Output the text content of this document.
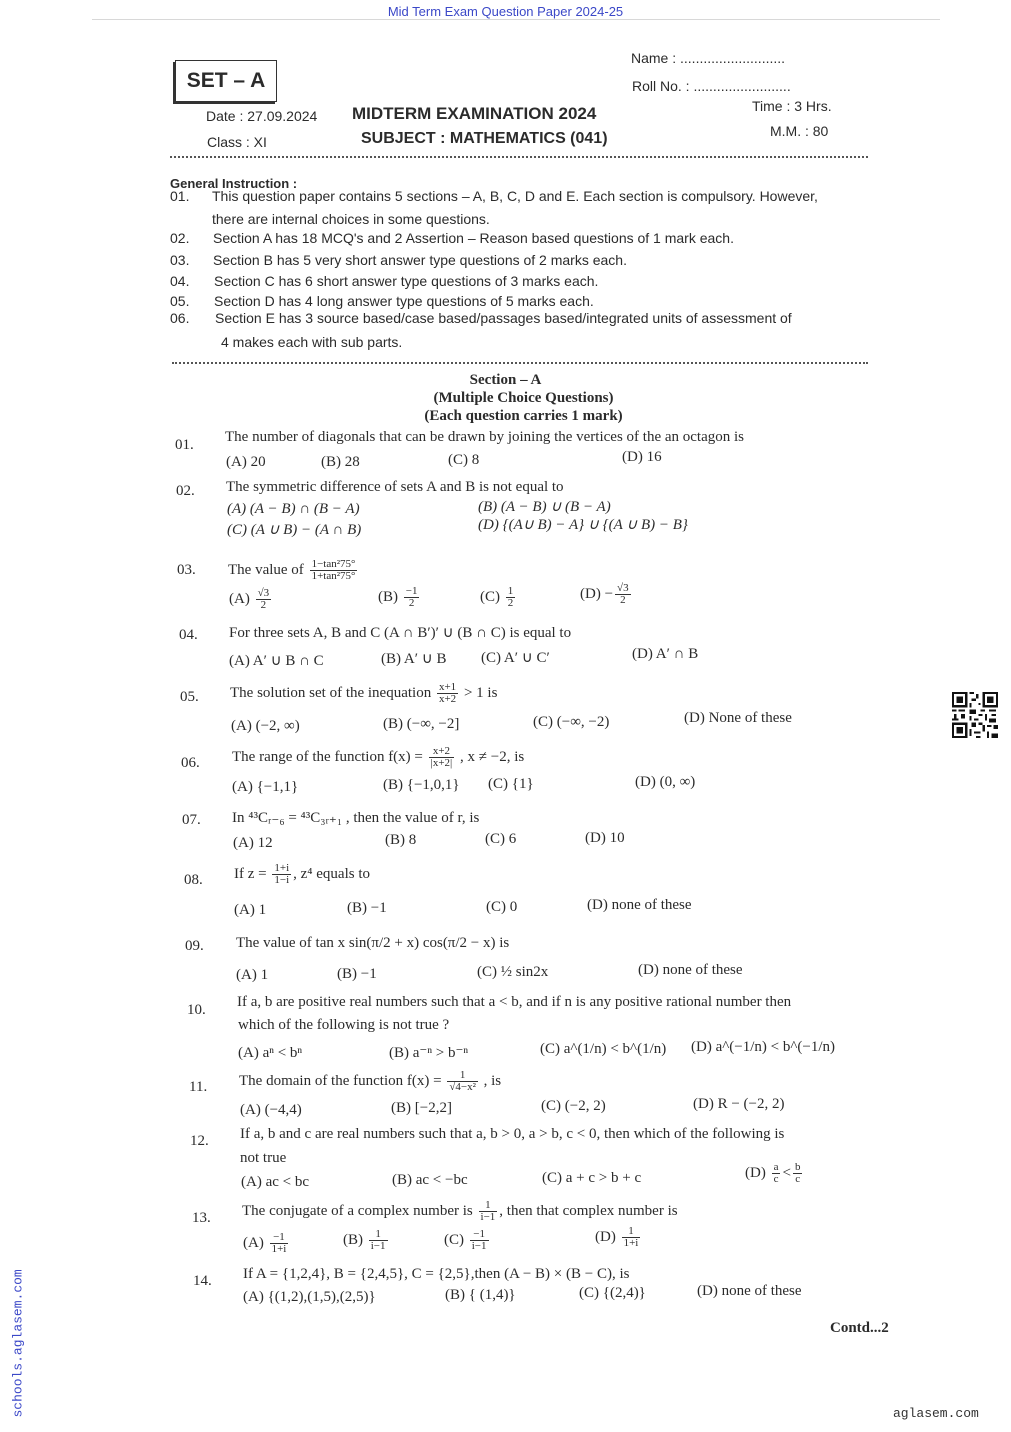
Mid Term Exam Question Paper 2024-25
SET – A
Name : ...........................
Roll No. : .........................
Date : 27.09.2024
Class : XI
MIDTERM EXAMINATION 2024
SUBJECT : MATHEMATICS (041)
Time : 3 Hrs.
M.M. : 80
General Instruction :
01. This question paper contains 5 sections – A, B, C, D and E. Each section is compulsory. However,
there are internal choices in some questions.
02. Section A has 18 MCQ's and 2 Assertion – Reason based questions of 1 mark each.
03. Section B has 5 very short answer type questions of 2 marks each.
04. Section C has 6 short answer type questions of 3 marks each.
05. Section D has 4 long answer type questions of 5 marks each.
06. Section E has 3 source based/case based/passages based/integrated units of assessment of
4 makes each with sub parts.
Section – A
(Multiple Choice Questions)
(Each question carries 1 mark)
01. The number of diagonals that can be drawn by joining the vertices of the an octagon is
(A) 20	(B) 28	(C) 8	(D) 16
02. The symmetric difference of sets A and B is not equal to
(A) (A − B) ∩ (B − A)	(B) (A − B) ∪ (B − A)
(C) (A ∪ B) − (A ∩ B)	(D) {(A∪ B) − A} ∪ {(A ∪ B) − B}
03. The value of $\frac{\text{1−tan²75°}}{\text{1+tan²75°}}$
$(A) \frac{√3}{2}$	$(B) \frac{-1}{2}$	$(C) \frac{1}{2}$	$(D) - \frac{√3}{2}$
04. For three sets A, B and C (A ∩ B′)′ ∪ (B ∩ C) is equal to
(A) A′ ∪ B ∩ C	(B) A′ ∪ B (C) A′ ∪ C′	(D) A′ ∩ B
05. The solution set of the inequation $\frac{x+1}{x+2} > 1$ is
(A) (−2, ∞)	(B) (−∞, −2]	(C) (−∞, −2)	(D) None of these
06. The range of the function $f(x) = \frac{x+2}{|x+2|}$ , x ≠ −2, is
(A) {−1,1}	(B) {−1,0,1} (C) {1}	(D) (0, ∞)
07. In ⁴³Cᵣ₋₆ = ⁴³C₃ᵣ₊₁ , then the value of r, is
(A) 12	(B) 8	(C) 6	(D) 10
08. If $z = \frac{1+i}{1-i}$ , z⁴ equals to
(A) 1	(B) −1	(C) 0	(D) none of these
09. The value of tan x sin(π/2 + x) cos(π/2 − x) is
(A) 1	(B) −1	(C) ½ sin2x	(D) none of these
10. If a, b are positive real numbers such that a < b, and if n is any positive rational number then
which of the following is not true ?
(A) aⁿ < bⁿ	(B) a⁻ⁿ > b⁻ⁿ	(C) a^(1/n) < b^(1/n) (D) a^(−1/n) < b^(−1/n)
11. The domain of the function $f(x) = \frac{1}{\text{√4−x²}}$ , is
(A) (−4,4)	(B) [−2,2]	(C) (−2, 2)	(D) R − (−2, 2)
12. If a, b and c are real numbers such that a, b > 0, a > b, c < 0, then which of the following is
not true
(A) ac < bc	(B) ac < −bc	(C) a + c > b + c	$(D) \frac{a}{c} < \frac{b}{c}$
13. The conjugate of a complex number is $\frac{1}{i-1}$ , then that complex number is
$(A) \frac{-1}{1+i}$	$(B) \frac{1}{i-1}$	$(C) \frac{-1}{i-1}$	$(D) \frac{1}{1+i}$
14. If A = {1,2,4}, B = {2,4,5}, C = {2,5},then (A − B) × (B − C), is
(A) {(1,2),(1,5),(2,5)}	(B) { (1,4)}	(C) {(2,4)}	(D) none of these
Contd...2
schools.aglasem.com	aglasem.com
